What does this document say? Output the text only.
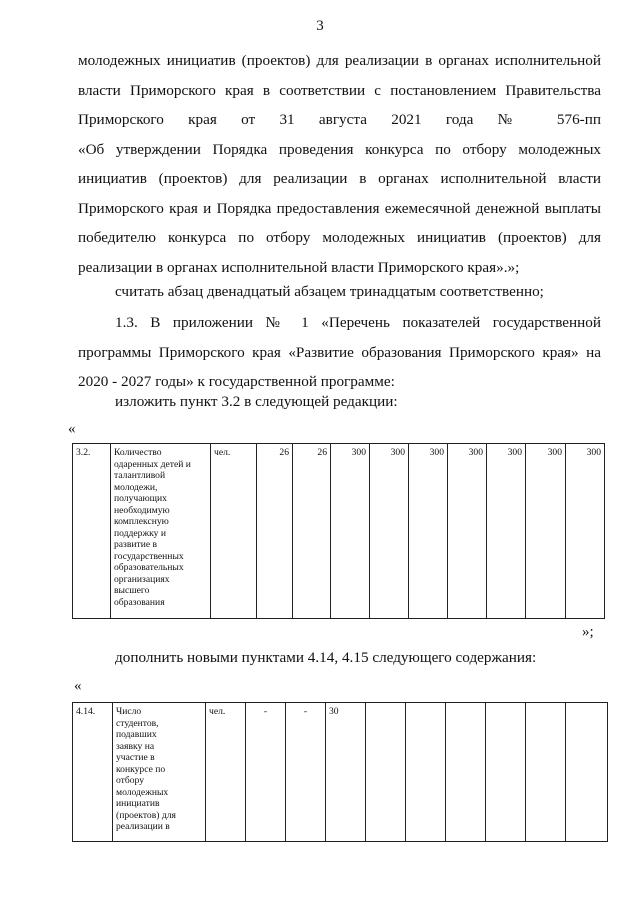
3
молодежных инициатив (проектов) для реализации в органах исполнительной
власти Приморского края в соответствии с постановлением Правительства
Приморского края от 31 августа 2021 года № 576-пп
«Об утверждении Порядка проведения конкурса по отбору молодежных
инициатив (проектов) для реализации в органах исполнительной власти
Приморского края и Порядка предоставления ежемесячной денежной выплаты
победителю конкурса по отбору молодежных инициатив (проектов) для
реализации в органах исполнительной власти Приморского края».»;
считать абзац двенадцатый абзацем тринадцатым соответственно;
1.3. В приложении № 1 «Перечень показателей государственной
программы Приморского края «Развитие образования Приморского края» на
2020 - 2027 годы» к государственной программе:
изложить пункт 3.2 в следующей редакции:
«
3.2.	Количество
одаренных детей и
талантливой
молодежи,
получающих
необходимую
комплексную
поддержку и
развитие в
государственных
образовательных
организациях
высшего
образования
	чел.	26	26	300	300	300	300	300	300	300
»;
дополнить новыми пунктами 4.14, 4.15 следующего содержания:
«
4.14.	Число
студентов,
подавших
заявку на
участие в
конкурсе по
отбору
молодежных
инициатив
(проектов) для
реализации в
	чел.	-	-	30						
